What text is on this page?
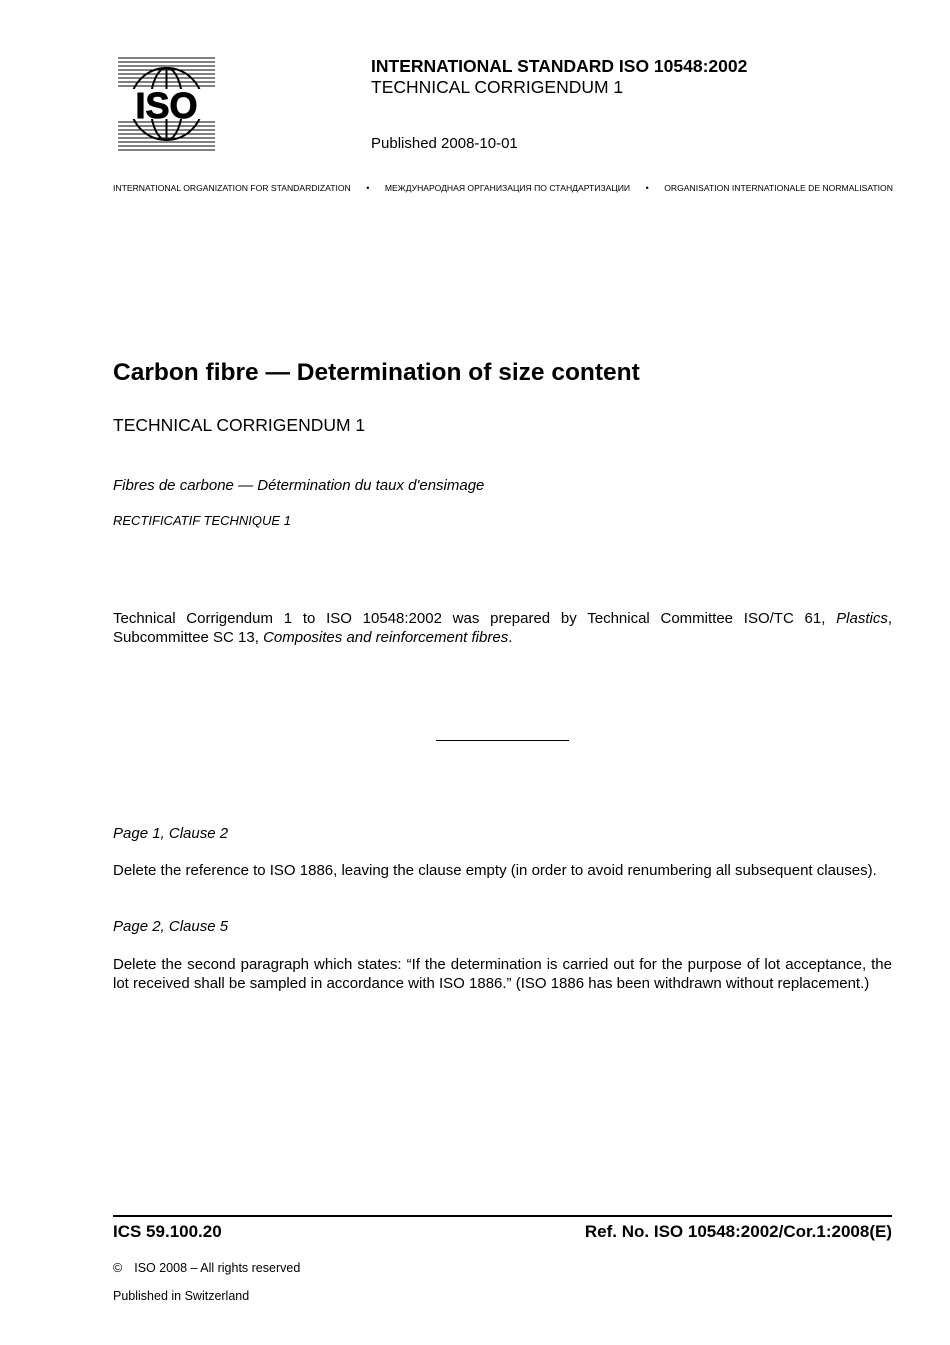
ISO
INTERNATIONAL STANDARD ISO 10548:2002
TECHNICAL CORRIGENDUM 1
Published 2008-10-01
INTERNATIONAL ORGANIZATION FOR STANDARDIZATION • МЕЖДУНАРОДНАЯ ОРГАНИЗАЦИЯ ПО СТАНДАРТИЗАЦИИ • ORGANISATION INTERNATIONALE DE NORMALISATION
Carbon fibre — Determination of size content
TECHNICAL CORRIGENDUM 1
Fibres de carbone — Détermination du taux d'ensimage
RECTIFICATIF TECHNIQUE 1

Technical Corrigendum 1 to ISO 10548:2002 was prepared by Technical Committee ISO/TC 61, Plastics, Subcommittee SC 13, Composites and reinforcement fibres.

Page 1, Clause 2

Delete the reference to ISO 1886, leaving the clause empty (in order to avoid renumbering all subsequent clauses).

Page 2, Clause 5

Delete the second paragraph which states: “If the determination is carried out for the purpose of lot acceptance, the lot received shall be sampled in accordance with ISO 1886.” (ISO 1886 has been withdrawn without replacement.)

ICS 59.100.20	Ref. No. ISO 10548:2002/Cor.1:2008(E)
© ISO 2008 – All rights reserved
Published in Switzerland
